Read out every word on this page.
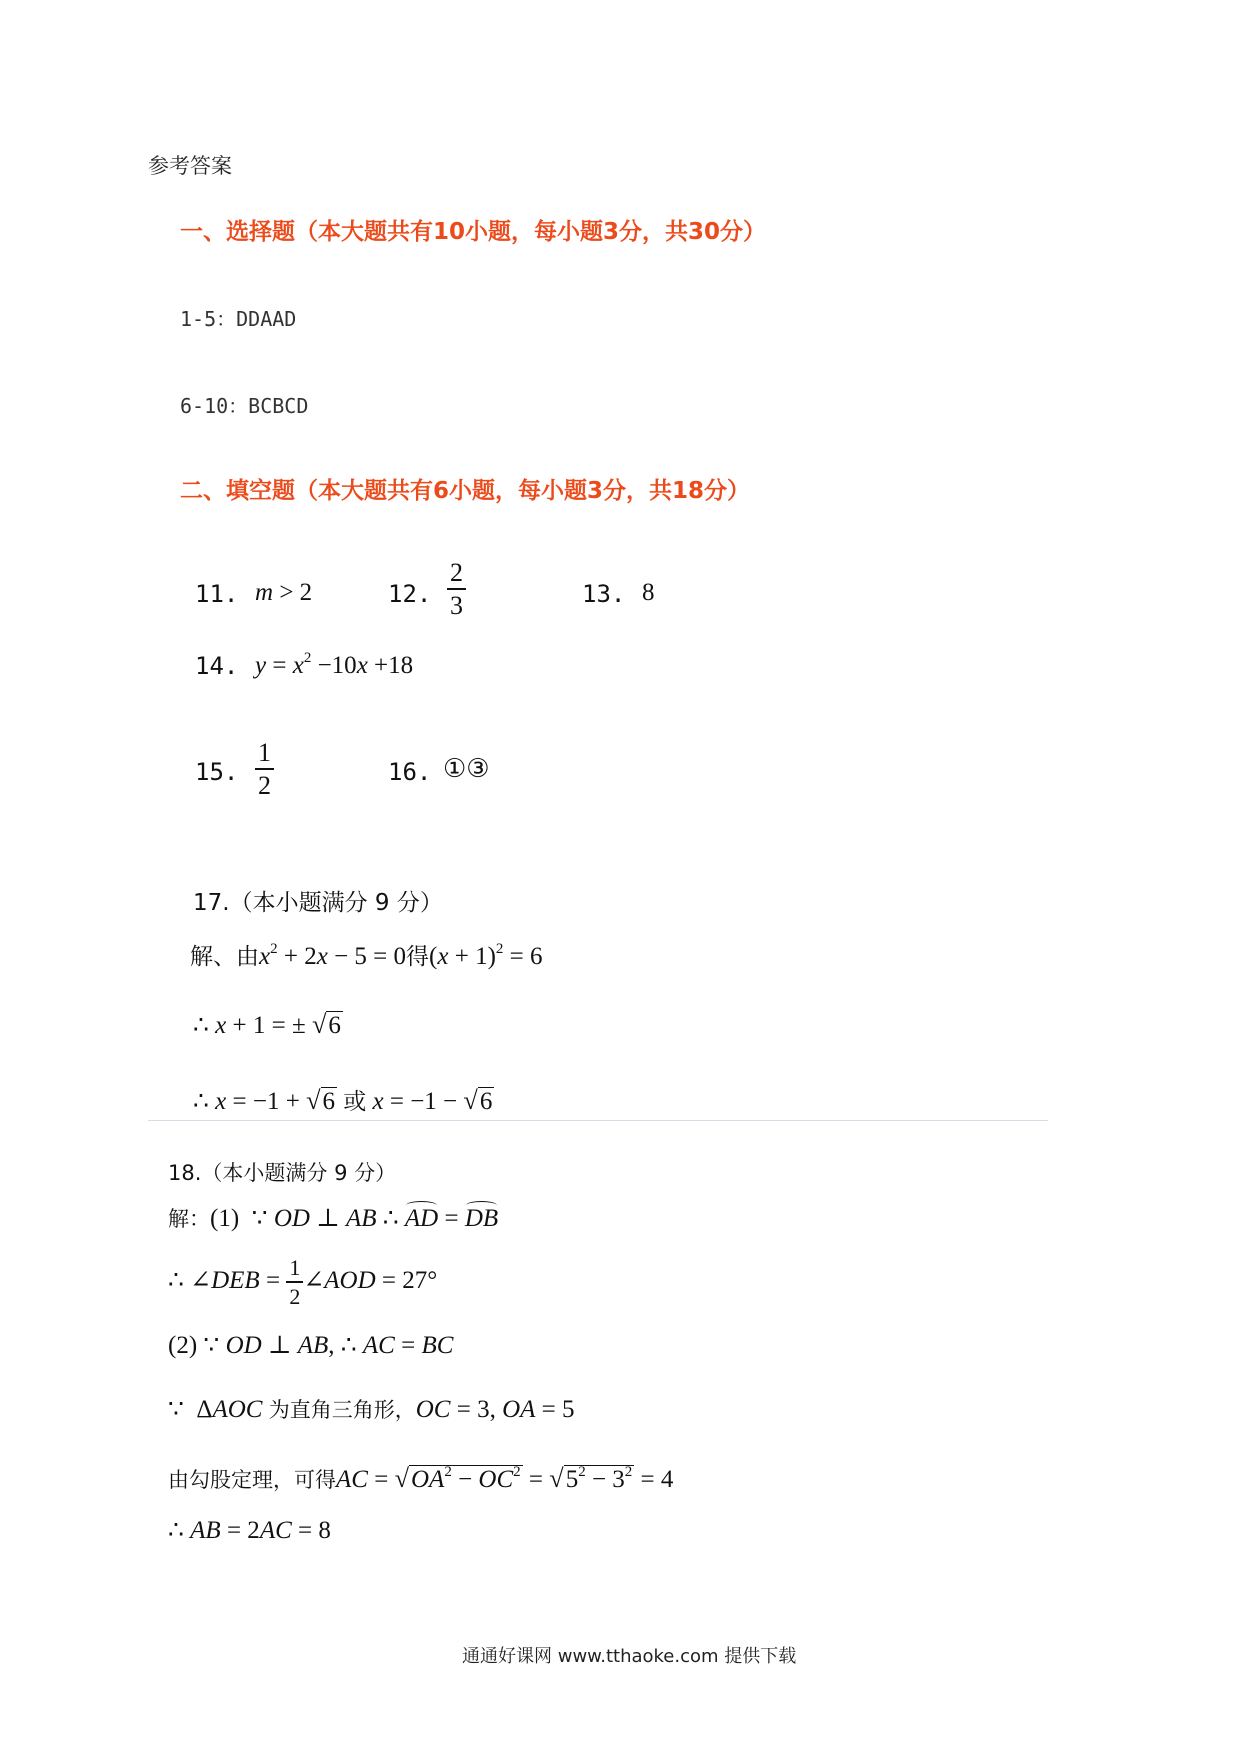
参考答案
一、选择题（本大题共有10小题，每小题3分，共30分）
1-5：DDAAD
6-10：BCBCD
二、填空题（本大题共有6小题，每小题3分，共18分）
11. m > 2	12. $\frac{2}{3}$	13. 8
14. $y = x^2 -10x +18$
15. $\frac{1}{2}$	16. ①③
17.（本小题满分 9 分）
解、由$x^2 + 2x - 5 = 0$得$(x + 1)^2 = 6$
∴ x + 1 = ± √6
∴ x = −1 + √6 或 x = −1 − √6
18.（本小题满分 9 分）
解：(1)  ∵ OD ⊥ AB ∴ AD = DB
∴ ∠DEB = $\frac{1}{2}$ ∠AOD = 27°
(2) ∵ OD ⊥ AB, ∴ AC = BC
∵  ΔAOC 为直角三角形，OC = 3, OA = 5
由勾股定理，可得AC = $√OA^2 - OC^2 = √5^2 - 3^2 = 4$
∴ AB = 2AC = 8
通通好课网 www.tthaoke.com 提供下载
